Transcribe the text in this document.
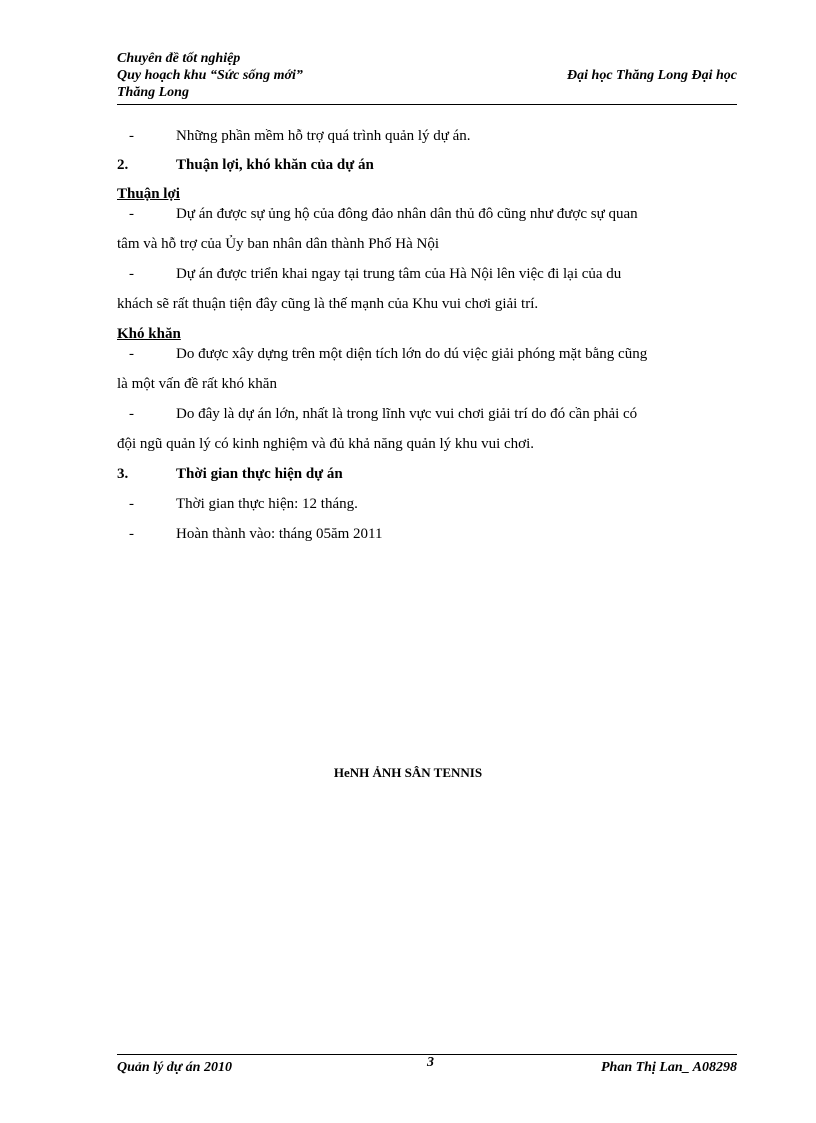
Chuyên đề tốt nghiệp
Quy hoạch khu “Sức sống mới”	Đại học Thăng Long Đại học
Thăng Long
-	Những phần mềm hỗ trợ quá trình quản lý dự án.
2.	Thuận lợi, khó khăn của dự án
Thuận lợi
-	Dự án được sự ủng hộ của đông đảo nhân dân thủ đô cũng như được sự quan
tâm và hỗ trợ của Ủy ban nhân dân thành Phố Hà Nội
-	Dự án được triển khai ngay tại trung tâm của Hà Nội lên việc đi lại của du
khách sẽ rất thuận tiện đây cũng là thế mạnh của Khu vui chơi giải trí.
Khó khăn
-	Do được xây dựng trên một diện tích lớn do dú việc giải phóng mặt bằng cũng
là một vấn đề rất khó khăn
-	Do đây là dự án lớn, nhất là trong lĩnh vực vui chơi giải trí do đó cần phải có
đội ngũ quản lý có kinh nghiệm và đủ khả năng quản lý khu vui chơi.
3.	Thời gian thực hiện dự án
-	Thời gian thực hiện: 12 tháng.
-	Hoàn thành vào: tháng 05ăm 2011
HeNH ẢNH SÂN TENNIS
Quản lý dự án 2010	3	Phan Thị Lan_ A08298
